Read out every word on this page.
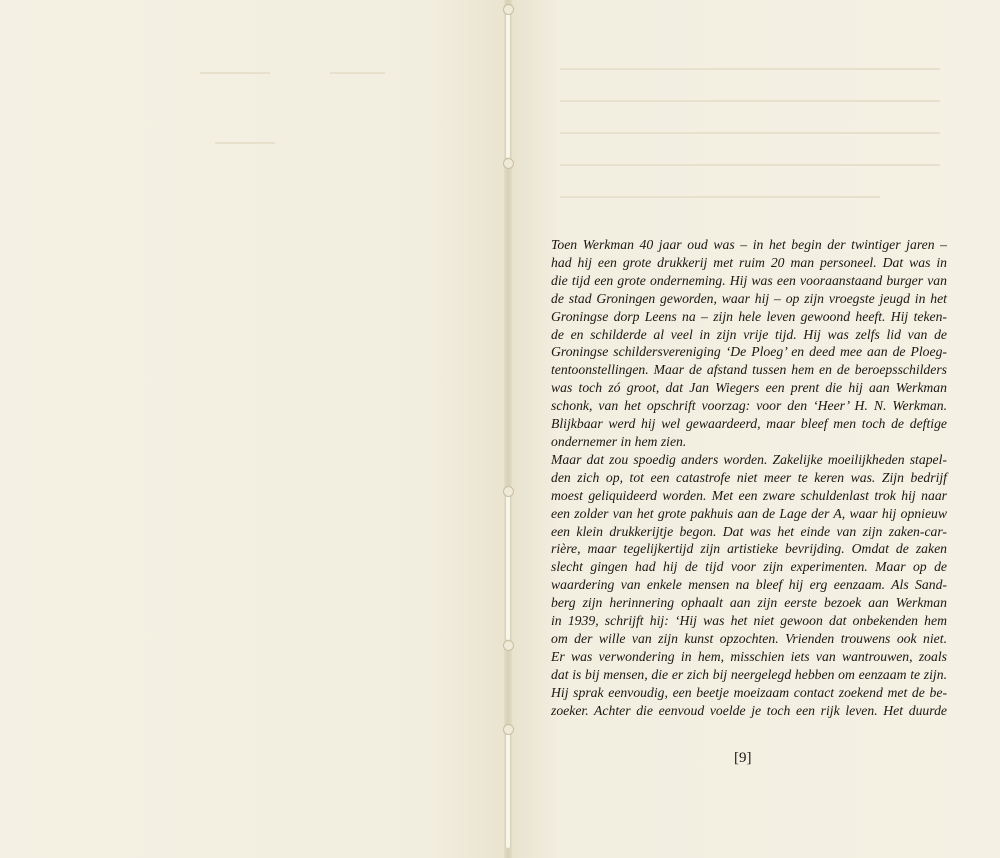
Toen Werkman 40 jaar oud was – in het begin der twintiger jaren –

had hij een grote drukkerij met ruim 20 man personeel. Dat was in

die tijd een grote onderneming. Hij was een vooraanstaand burger van

de stad Groningen geworden, waar hij – op zijn vroegste jeugd in het

Groningse dorp Leens na – zijn hele leven gewoond heeft. Hij teken-

de en schilderde al veel in zijn vrije tijd. Hij was zelfs lid van de

Groningse schildersvereniging ‘De Ploeg’ en deed mee aan de Ploeg-

tentoonstellingen. Maar de afstand tussen hem en de beroepsschilders

was toch zó groot, dat Jan Wiegers een prent die hij aan Werkman

schonk, van het opschrift voorzag: voor den ‘Heer’ H. N. Werkman.

Blijkbaar werd hij wel gewaardeerd, maar bleef men toch de deftige

ondernemer in hem zien.

Maar dat zou spoedig anders worden. Zakelijke moeilijkheden stapel-

den zich op, tot een catastrofe niet meer te keren was. Zijn bedrijf

moest geliquideerd worden. Met een zware schuldenlast trok hij naar

een zolder van het grote pakhuis aan de Lage der A, waar hij opnieuw

een klein drukkerijtje begon. Dat was het einde van zijn zaken-car-

rière, maar tegelijkertijd zijn artistieke bevrijding. Omdat de zaken

slecht gingen had hij de tijd voor zijn experimenten. Maar op de

waardering van enkele mensen na bleef hij erg eenzaam. Als Sand-

berg zijn herinnering ophaalt aan zijn eerste bezoek aan Werkman

in 1939, schrijft hij: ‘Hij was het niet gewoon dat onbekenden hem

om der wille van zijn kunst opzochten. Vrienden trouwens ook niet.

Er was verwondering in hem, misschien iets van wantrouwen, zoals

dat is bij mensen, die er zich bij neergelegd hebben om eenzaam te zijn.

Hij sprak eenvoudig, een beetje moeizaam contact zoekend met de be-

zoeker. Achter die eenvoud voelde je toch een rijk leven. Het duurde

[9]
